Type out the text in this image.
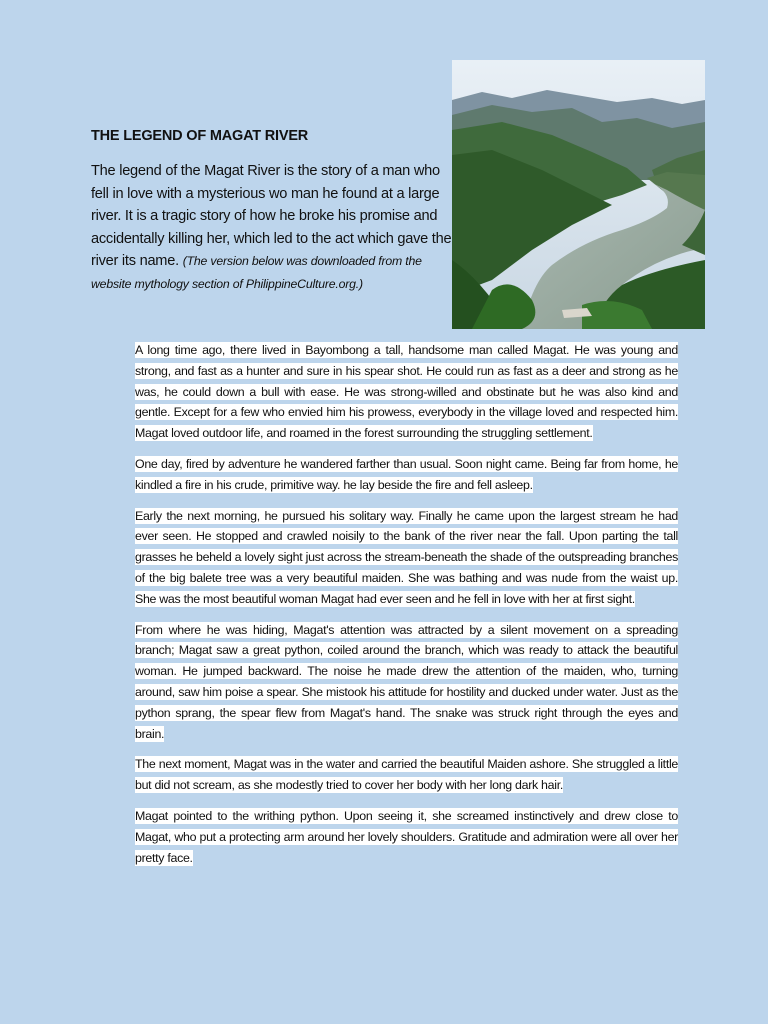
THE LEGEND OF MAGAT RIVER
The legend of the Magat River is the story of a man who fell in love with a mysterious wo man he found at a large river. It is a tragic story of how he broke his promise and accidentally killing her, which led to the act which gave the river its name. (The version below was downloaded from the website mythology section of PhilippineCulture.org.)

A long time ago, there lived in Bayombong a tall, handsome man called Magat. He was young and strong, and fast as a hunter and sure in his spear shot. He could run as fast as a deer and strong as he was, he could down a bull with ease. He was strong-willed and obstinate but he was also kind and gentle. Except for a few who envied him his prowess, everybody in the village loved and respected him. Magat loved outdoor life, and roamed in the forest surrounding the struggling settlement.

One day, fired by adventure he wandered farther than usual. Soon night came. Being far from home, he kindled a fire in his crude, primitive way. he lay beside the fire and fell asleep.

Early the next morning, he pursued his solitary way. Finally he came upon the largest stream he had ever seen. He stopped and crawled noisily to the bank of the river near the fall. Upon parting the tall grasses he beheld a lovely sight just across the stream-beneath the shade of the outspreading branches of the big balete tree was a very beautiful maiden. She was bathing and was nude from the waist up. She was the most beautiful woman Magat had ever seen and he fell in love with her at first sight.

From where he was hiding, Magat's attention was attracted by a silent movement on a spreading branch; Magat saw a great python, coiled around the branch, which was ready to attack the beautiful woman. He jumped backward. The noise he made drew the attention of the maiden, who, turning around, saw him poise a spear. She mistook his attitude for hostility and ducked under water. Just as the python sprang, the spear flew from Magat's hand. The snake was struck right through the eyes and brain.

The next moment, Magat was in the water and carried the beautiful Maiden ashore. She struggled a little but did not scream, as she modestly tried to cover her body with her long dark hair.

Magat pointed to the writhing python. Upon seeing it, she screamed instinctively and drew close to Magat, who put a protecting arm around her lovely shoulders. Gratitude and admiration were all over her pretty face.
